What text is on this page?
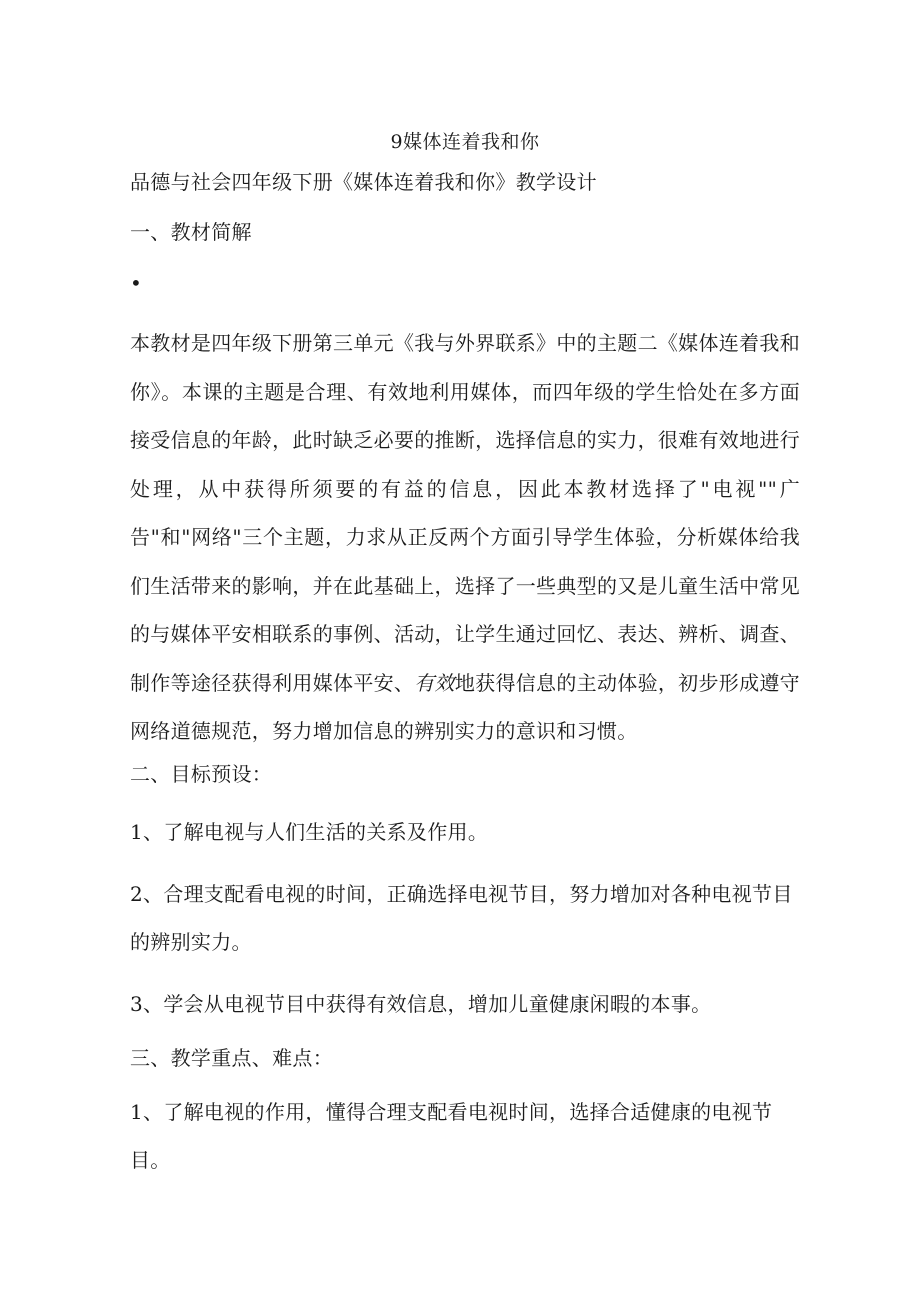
9媒体连着我和你

品德与社会四年级下册《媒体连着我和你》教学设计

一、教材简解

•

本教材是四年级下册第三单元《我与外界联系》中的主题二《媒体连着我和你》。本课的主题是合理、有效地利用媒体，而四年级的学生恰处在多方面接受信息的年龄，此时缺乏必要的推断，选择信息的实力，很难有效地进行处理，从中获得所须要的有益的信息，因此本教材选择了"电视""广告"和"网络"三个主题，力求从正反两个方面引导学生体验，分析媒体给我们生活带来的影响，并在此基础上，选择了一些典型的又是儿童生活中常见的与媒体平安相联系的事例、活动，让学生通过回忆、表达、辨析、调查、制作等途径获得利用媒体平安、有效地获得信息的主动体验，初步形成遵守网络道德规范，努力增加信息的辨别实力的意识和习惯。

二、目标预设：

1、了解电视与人们生活的关系及作用。

2、合理支配看电视的时间，正确选择电视节目，努力增加对各种电视节目的辨别实力。

3、学会从电视节目中获得有效信息，增加儿童健康闲暇的本事。

三、教学重点、难点：

1、了解电视的作用，懂得合理支配看电视时间，选择合适健康的电视节目。
